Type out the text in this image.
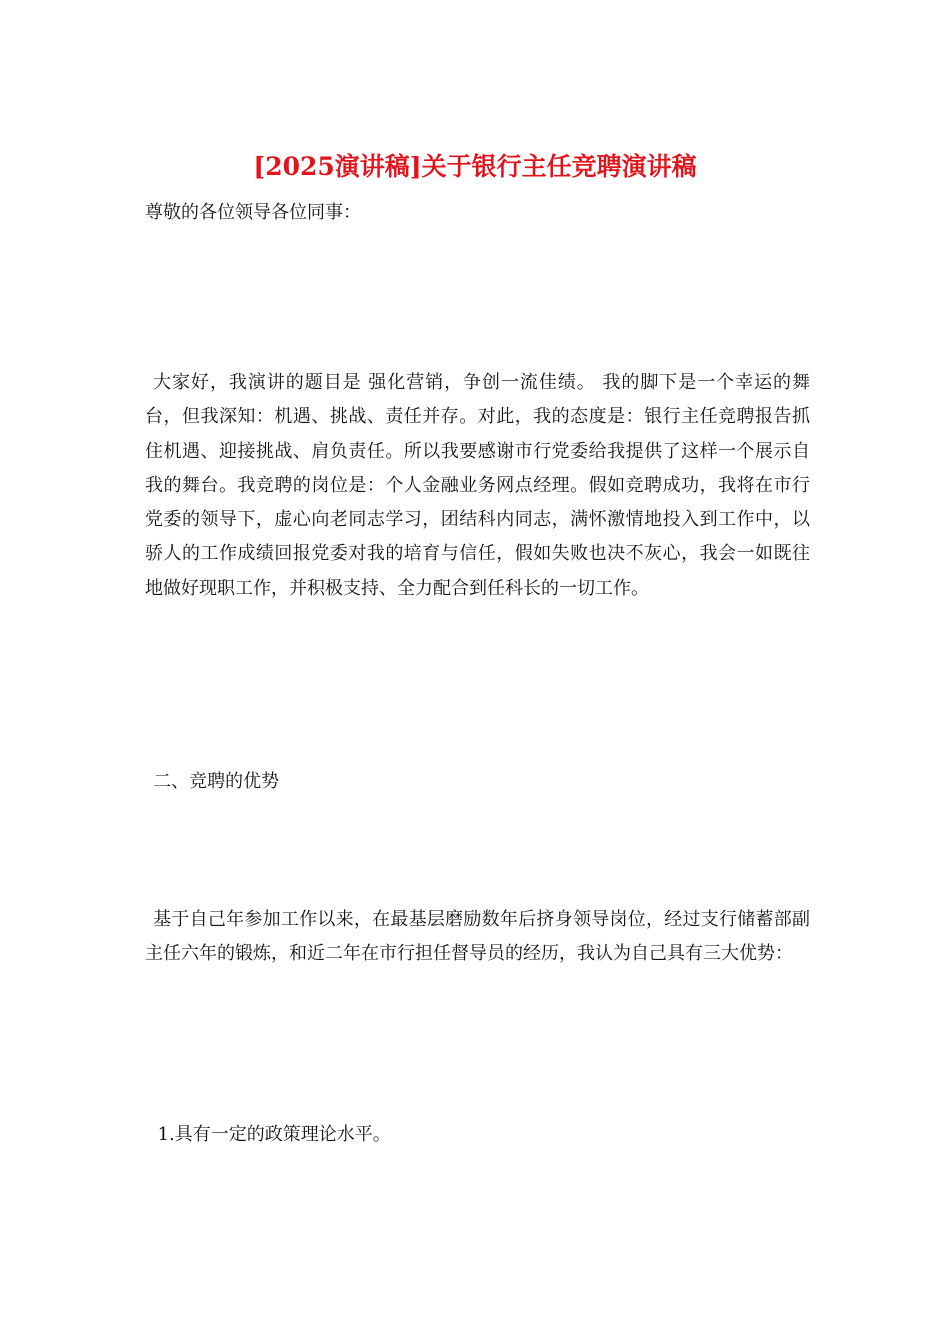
[2025演讲稿]关于银行主任竞聘演讲稿
尊敬的各位领导各位同事：
大家好，我演讲的题目是 强化营销，争创一流佳绩。 我的脚下是一个幸运的舞台，但我深知：机遇、挑战、责任并存。对此，我的态度是：银行主任竞聘报告抓住机遇、迎接挑战、肩负责任。所以我要感谢市行党委给我提供了这样一个展示自我的舞台。我竞聘的岗位是：个人金融业务网点经理。假如竞聘成功，我将在市行党委的领导下，虚心向老同志学习，团结科内同志，满怀激情地投入到工作中，以骄人的工作成绩回报党委对我的培育与信任，假如失败也决不灰心，我会一如既往地做好现职工作，并积极支持、全力配合到任科长的一切工作。
二、竞聘的优势
基于自己年参加工作以来，在最基层磨励数年后挤身领导岗位，经过支行储蓄部副主任六年的锻炼，和近二年在市行担任督导员的经历，我认为自己具有三大优势：
1.具有一定的政策理论水平。
